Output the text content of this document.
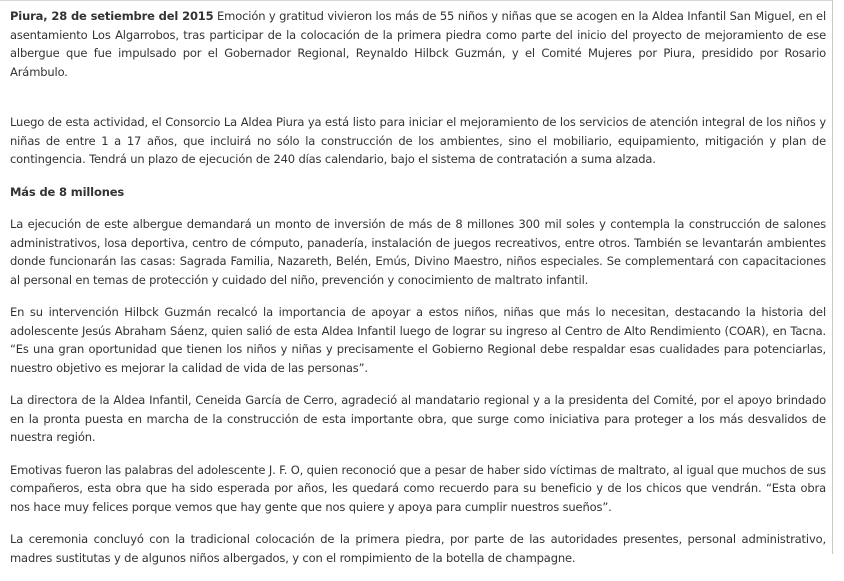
Piura, 28 de setiembre del 2015 Emoción y gratitud vivieron los más de 55 niños y niñas que se acogen en la Aldea Infantil San Miguel, en el asentamiento Los Algarrobos, tras participar de la colocación de la primera piedra como parte del inicio del proyecto de mejoramiento de ese albergue que fue impulsado por el Gobernador Regional, Reynaldo Hilbck Guzmán, y el Comité Mujeres por Piura, presidido por Rosario Arámbulo.

Luego de esta actividad, el Consorcio La Aldea Piura ya está listo para iniciar el mejoramiento de los servicios de atención integral de los niños y niñas de entre 1 a 17 años, que incluirá no sólo la construcción de los ambientes, sino el mobiliario, equipamiento, mitigación y plan de contingencia. Tendrá un plazo de ejecución de 240 días calendario, bajo el sistema de contratación a suma alzada.

Más de 8 millones

La ejecución de este albergue demandará un monto de inversión de más de 8 millones 300 mil soles y contempla la construcción de salones administrativos, losa deportiva, centro de cómputo, panadería, instalación de juegos recreativos, entre otros. También se levantarán ambientes donde funcionarán las casas: Sagrada Familia, Nazareth, Belén, Emús, Divino Maestro, niños especiales. Se complementará con capacitaciones al personal en temas de protección y cuidado del niño, prevención y conocimiento de maltrato infantil.

En su intervención Hilbck Guzmán recalcó la importancia de apoyar a estos niños, niñas que más lo necesitan, destacando la historia del adolescente Jesús Abraham Sáenz, quien salió de esta Aldea Infantil luego de lograr su ingreso al Centro de Alto Rendimiento (COAR), en Tacna. “Es una gran oportunidad que tienen los niños y niñas y precisamente el Gobierno Regional debe respaldar esas cualidades para potenciarlas, nuestro objetivo es mejorar la calidad de vida de las personas”.

La directora de la Aldea Infantil, Ceneida García de Cerro, agradeció al mandatario regional y a la presidenta del Comité, por el apoyo brindado en la pronta puesta en marcha de la construcción de esta importante obra, que surge como iniciativa para proteger a los más desvalidos de nuestra región.

Emotivas fueron las palabras del adolescente J. F. O, quien reconoció que a pesar de haber sido víctimas de maltrato, al igual que muchos de sus compañeros, esta obra que ha sido esperada por años, les quedará como recuerdo para su beneficio y de los chicos que vendrán. “Esta obra nos hace muy felices porque vemos que hay gente que nos quiere y apoya para cumplir nuestros sueños”.

La ceremonia concluyó con la tradicional colocación de la primera piedra, por parte de las autoridades presentes, personal administrativo, madres sustitutas y de algunos niños albergados, y con el rompimiento de la botella de champagne.
